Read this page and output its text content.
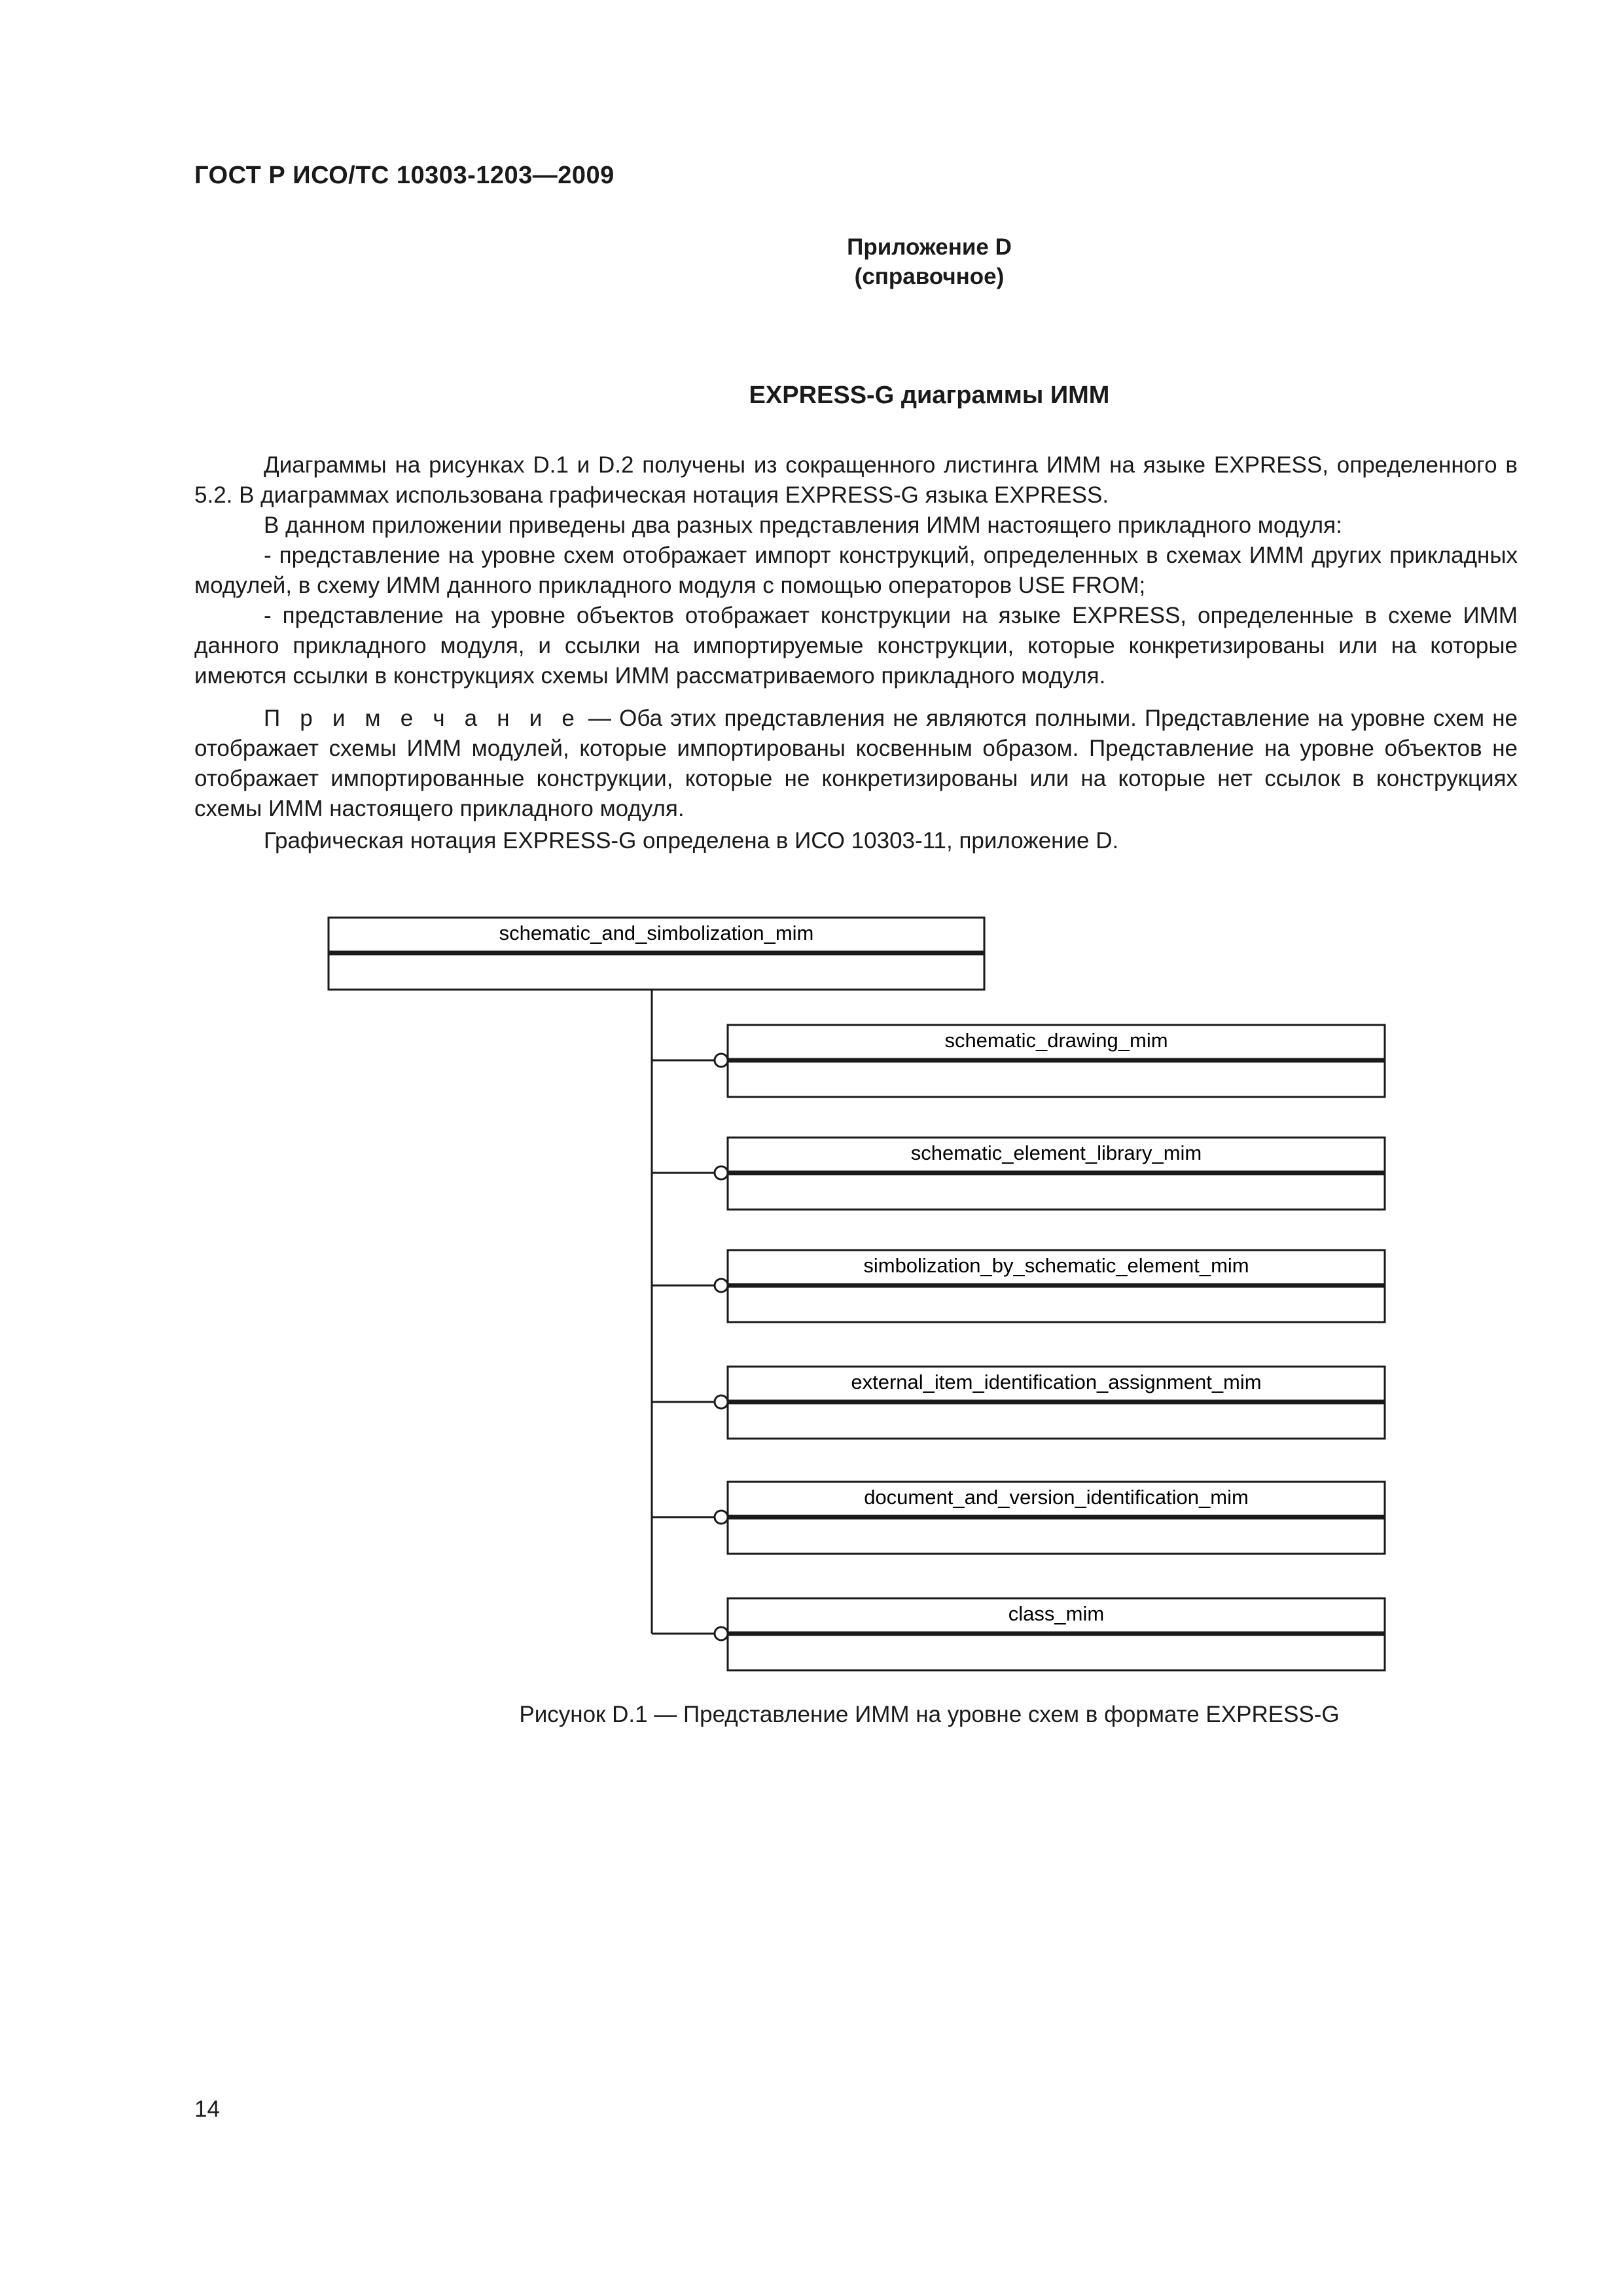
ГОСТ Р ИСО/ТС 10303-1203—2009
Приложение D
(справочное)
EXPRESS-G диаграммы ИММ

Диаграммы на рисунках D.1 и D.2 получены из сокращенного листинга ИММ на языке EXPRESS, определенного в 5.2. В диаграммах использована графическая нотация EXPRESS-G языка EXPRESS.

В данном приложении приведены два разных представления ИММ настоящего прикладного модуля:

- представление на уровне схем отображает импорт конструкций, определенных в схемах ИММ других прикладных модулей, в схему ИММ данного прикладного модуля с помощью операторов USE FROM;

- представление на уровне объектов отображает конструкции на языке EXPRESS, определенные в схеме ИММ данного прикладного модуля, и ссылки на импортируемые конструкции, которые конкретизированы или на которые имеются ссылки в конструкциях схемы ИММ рассматриваемого прикладного модуля.

П р и м е ч а н и е — Оба этих представления не являются полными. Представление на уровне схем не отображает схемы ИММ модулей, которые импортированы косвенным образом. Представление на уровне объектов не отображает импортированные конструкции, которые не конкретизированы или на которые нет ссылок в конструкциях схемы ИММ настоящего прикладного модуля.

Графическая нотация EXPRESS-G определена в ИСО 10303-11, приложение D.

schematic_and_simbolization_mim
schematic_drawing_mim
schematic_element_library_mim
simbolization_by_schematic_element_mim
external_item_identification_assignment_mim
document_and_version_identification_mim
class_mim
Рисунок D.1 — Представление ИММ на уровне схем в формате EXPRESS-G
14
